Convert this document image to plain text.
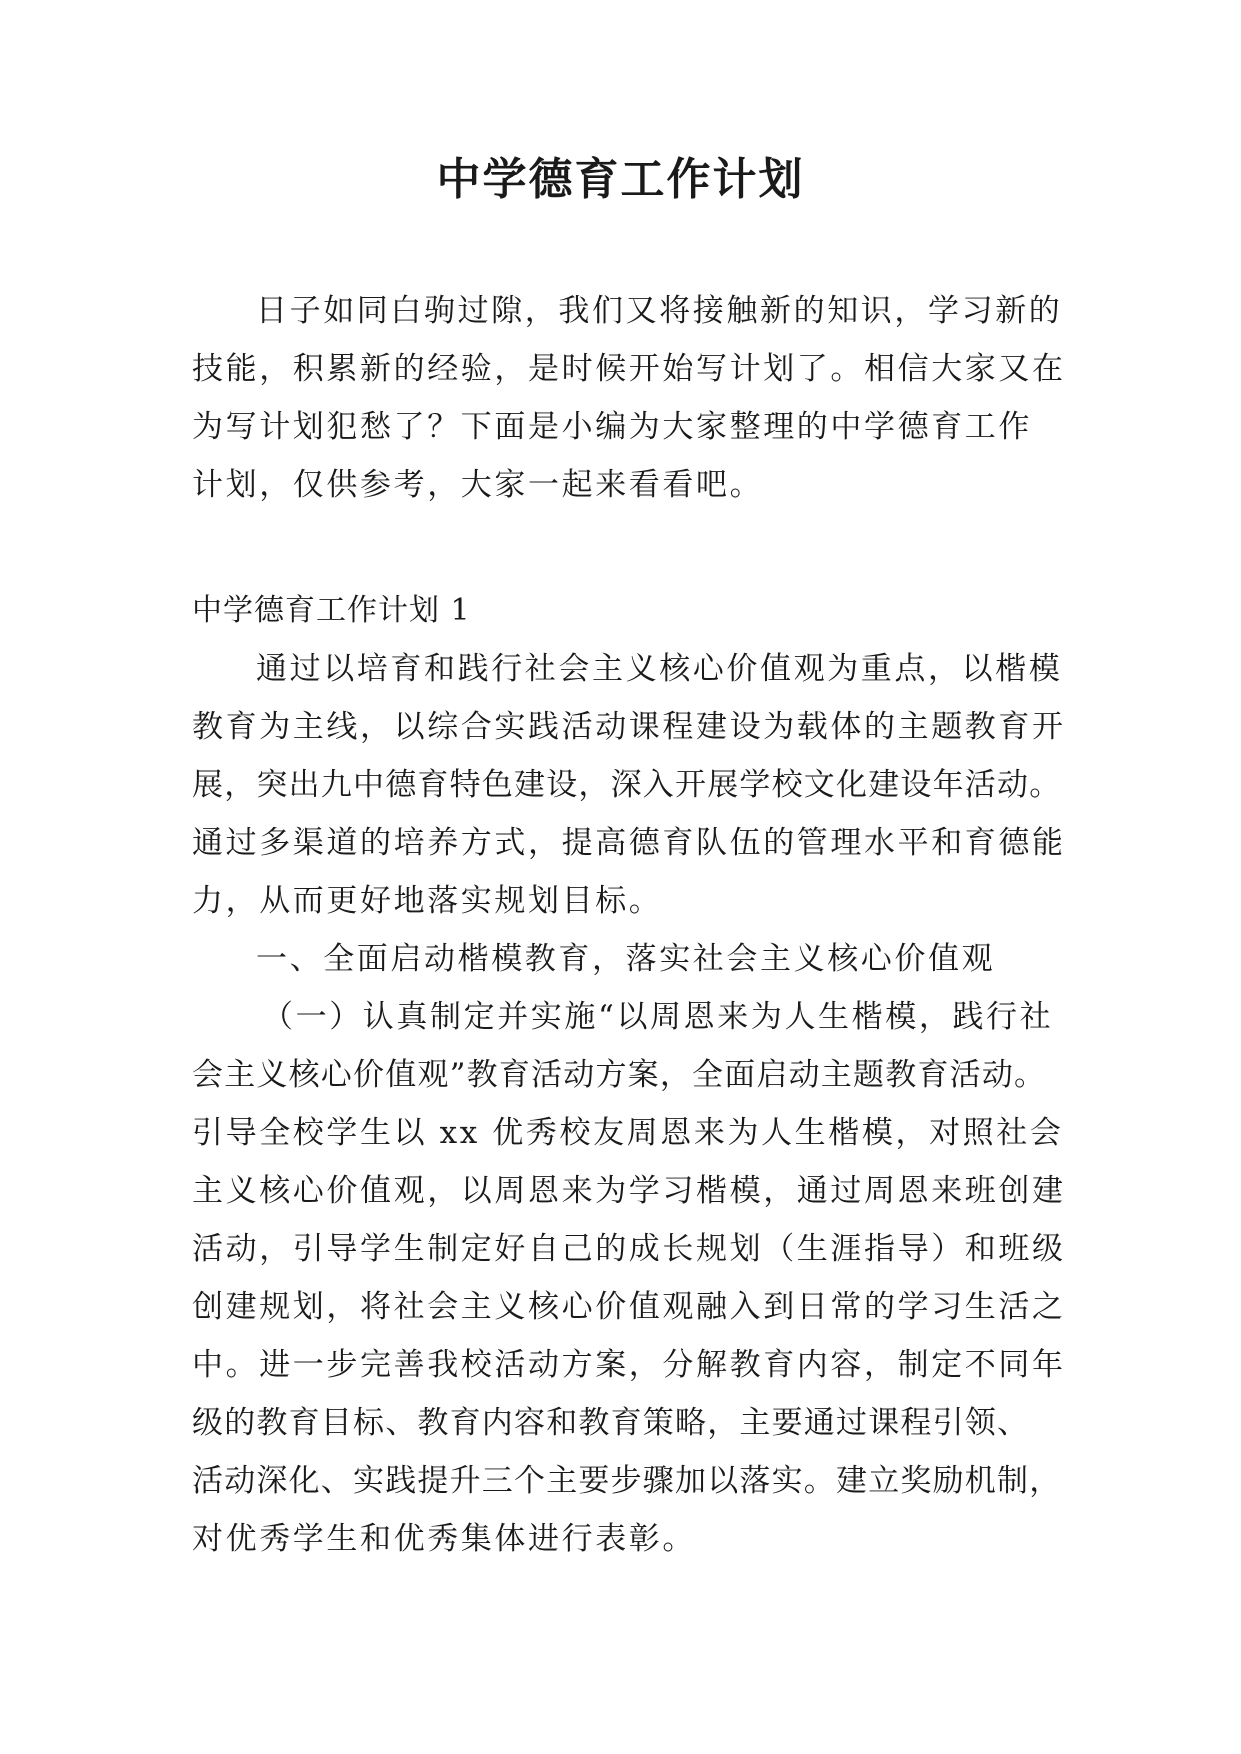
中学德育工作计划
日子如同白驹过隙，我们又将接触新的知识，学习新的
技能，积累新的经验，是时候开始写计划了。相信大家又在
为写计划犯愁了？下面是小编为大家整理的中学德育工作
计划，仅供参考，大家一起来看看吧。
中学德育工作计划 1
通过以培育和践行社会主义核心价值观为重点，以楷模
教育为主线，以综合实践活动课程建设为载体的主题教育开
展，突出九中德育特色建设，深入开展学校文化建设年活动。
通过多渠道的培养方式，提高德育队伍的管理水平和育德能
力，从而更好地落实规划目标。
一、全面启动楷模教育，落实社会主义核心价值观
（一）认真制定并实施“以周恩来为人生楷模，践行社
会主义核心价值观”教育活动方案，全面启动主题教育活动。
引导全校学生以 xx 优秀校友周恩来为人生楷模，对照社会
主义核心价值观，以周恩来为学习楷模，通过周恩来班创建
活动，引导学生制定好自己的成长规划（生涯指导）和班级
创建规划，将社会主义核心价值观融入到日常的学习生活之
中。进一步完善我校活动方案，分解教育内容，制定不同年
级的教育目标、教育内容和教育策略，主要通过课程引领、
活动深化、实践提升三个主要步骤加以落实。建立奖励机制，
对优秀学生和优秀集体进行表彰。
